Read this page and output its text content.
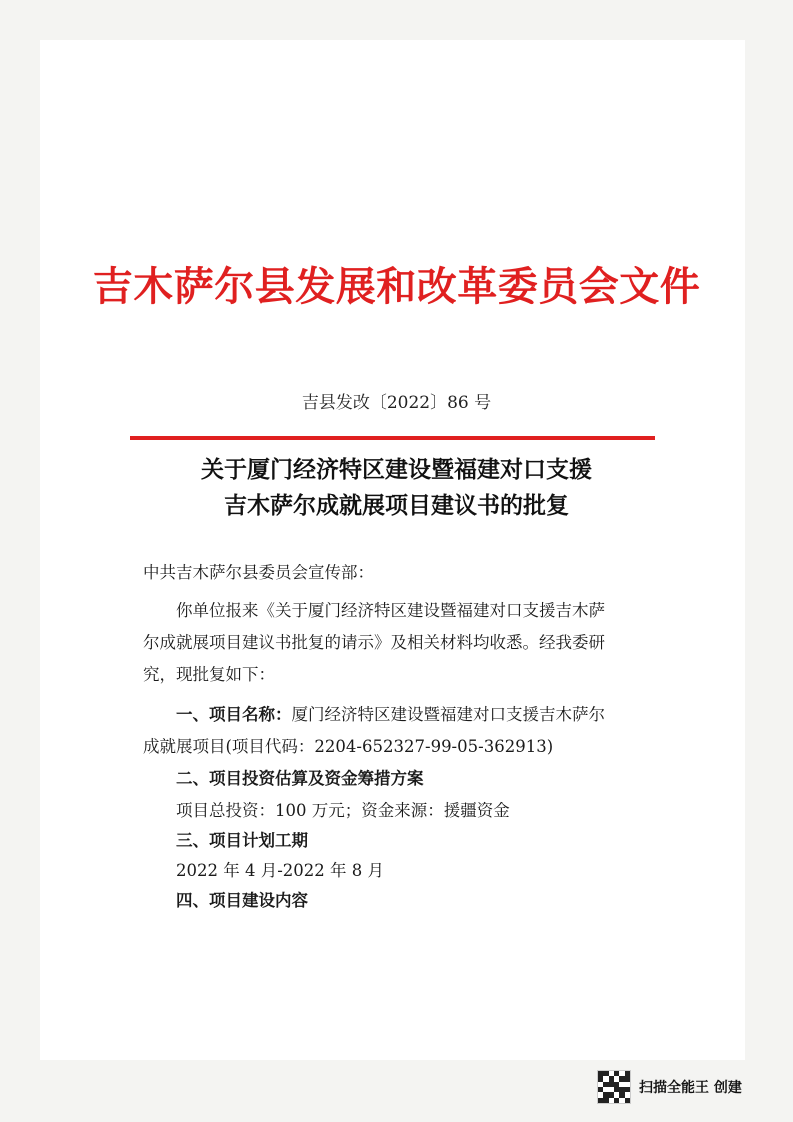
吉木萨尔县发展和改革委员会文件
吉县发改〔2022〕86 号
关于厦门经济特区建设暨福建对口支援
吉木萨尔成就展项目建议书的批复
中共吉木萨尔县委员会宣传部：
你单位报来《关于厦门经济特区建设暨福建对口支援吉木萨
尔成就展项目建议书批复的请示》及相关材料均收悉。经我委研
究，现批复如下：
一、项目名称：厦门经济特区建设暨福建对口支援吉木萨尔
成就展项目(项目代码：2204-652327-99-05-362913)
二、项目投资估算及资金筹措方案
项目总投资：100 万元；资金来源：援疆资金
三、项目计划工期
2022 年 4 月-2022 年 8 月
四、项目建设内容
扫描全能王 创建
